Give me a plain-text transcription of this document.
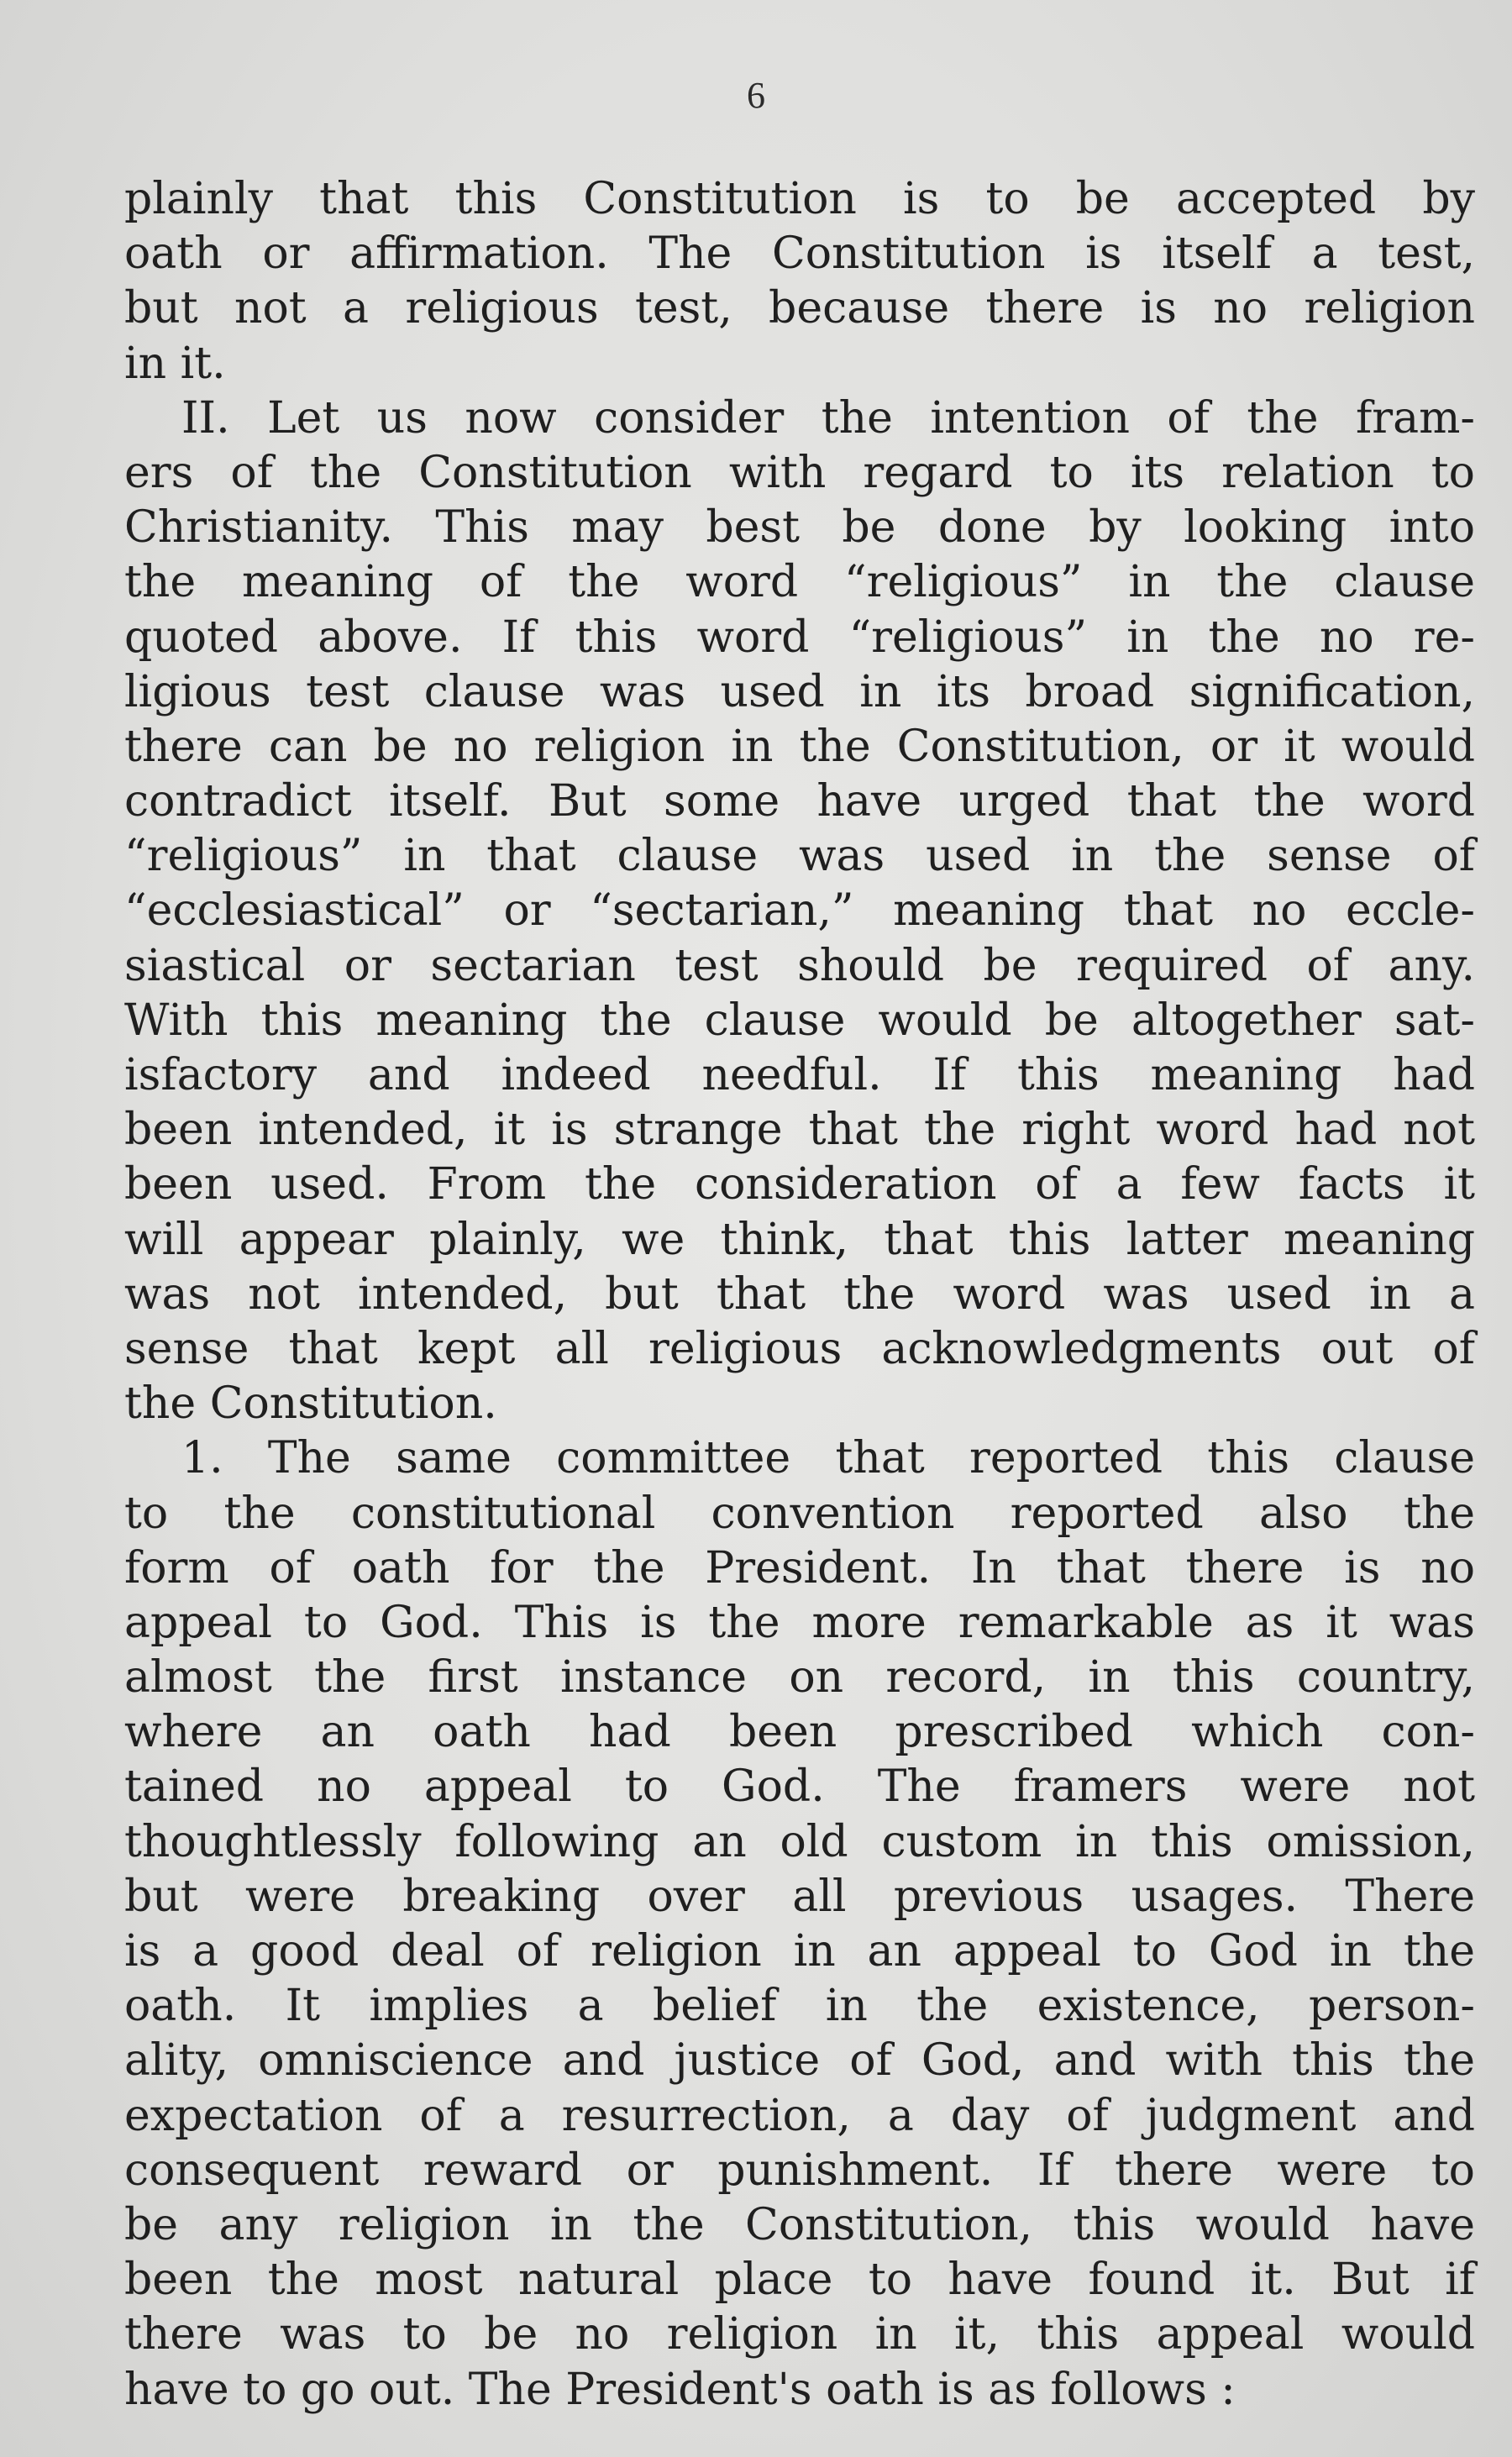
6
plainly that this Constitution is to be accepted by
oath or affirmation. The Constitution is itself a test,
but not a religious test, because there is no religion
in it.
II. Let us now consider the intention of the fram-
ers of the Constitution with regard to its relation to
Christianity. This may best be done by looking into
the meaning of the word “religious” in the clause
quoted above. If this word “religious” in the no re-
ligious test clause was used in its broad signification,
there can be no religion in the Constitution, or it would
contradict itself. But some have urged that the word
“religious” in that clause was used in the sense of
“ecclesiastical” or “sectarian,” meaning that no eccle-
siastical or sectarian test should be required of any.
With this meaning the clause would be altogether sat-
isfactory and indeed needful. If this meaning had
been intended, it is strange that the right word had not
been used. From the consideration of a few facts it
will appear plainly, we think, that this latter meaning
was not intended, but that the word was used in a
sense that kept all religious acknowledgments out of
the Constitution.
1. The same committee that reported this clause
to the constitutional convention reported also the
form of oath for the President. In that there is no
appeal to God. This is the more remarkable as it was
almost the first instance on record, in this country,
where an oath had been prescribed which con-
tained no appeal to God. The framers were not
thoughtlessly following an old custom in this omission,
but were breaking over all previous usages. There
is a good deal of religion in an appeal to God in the
oath. It implies a belief in the existence, person-
ality, omniscience and justice of God, and with this the
expectation of a resurrection, a day of judgment and
consequent reward or punishment. If there were to
be any religion in the Constitution, this would have
been the most natural place to have found it. But if
there was to be no religion in it, this appeal would
have to go out. The President's oath is as follows :
